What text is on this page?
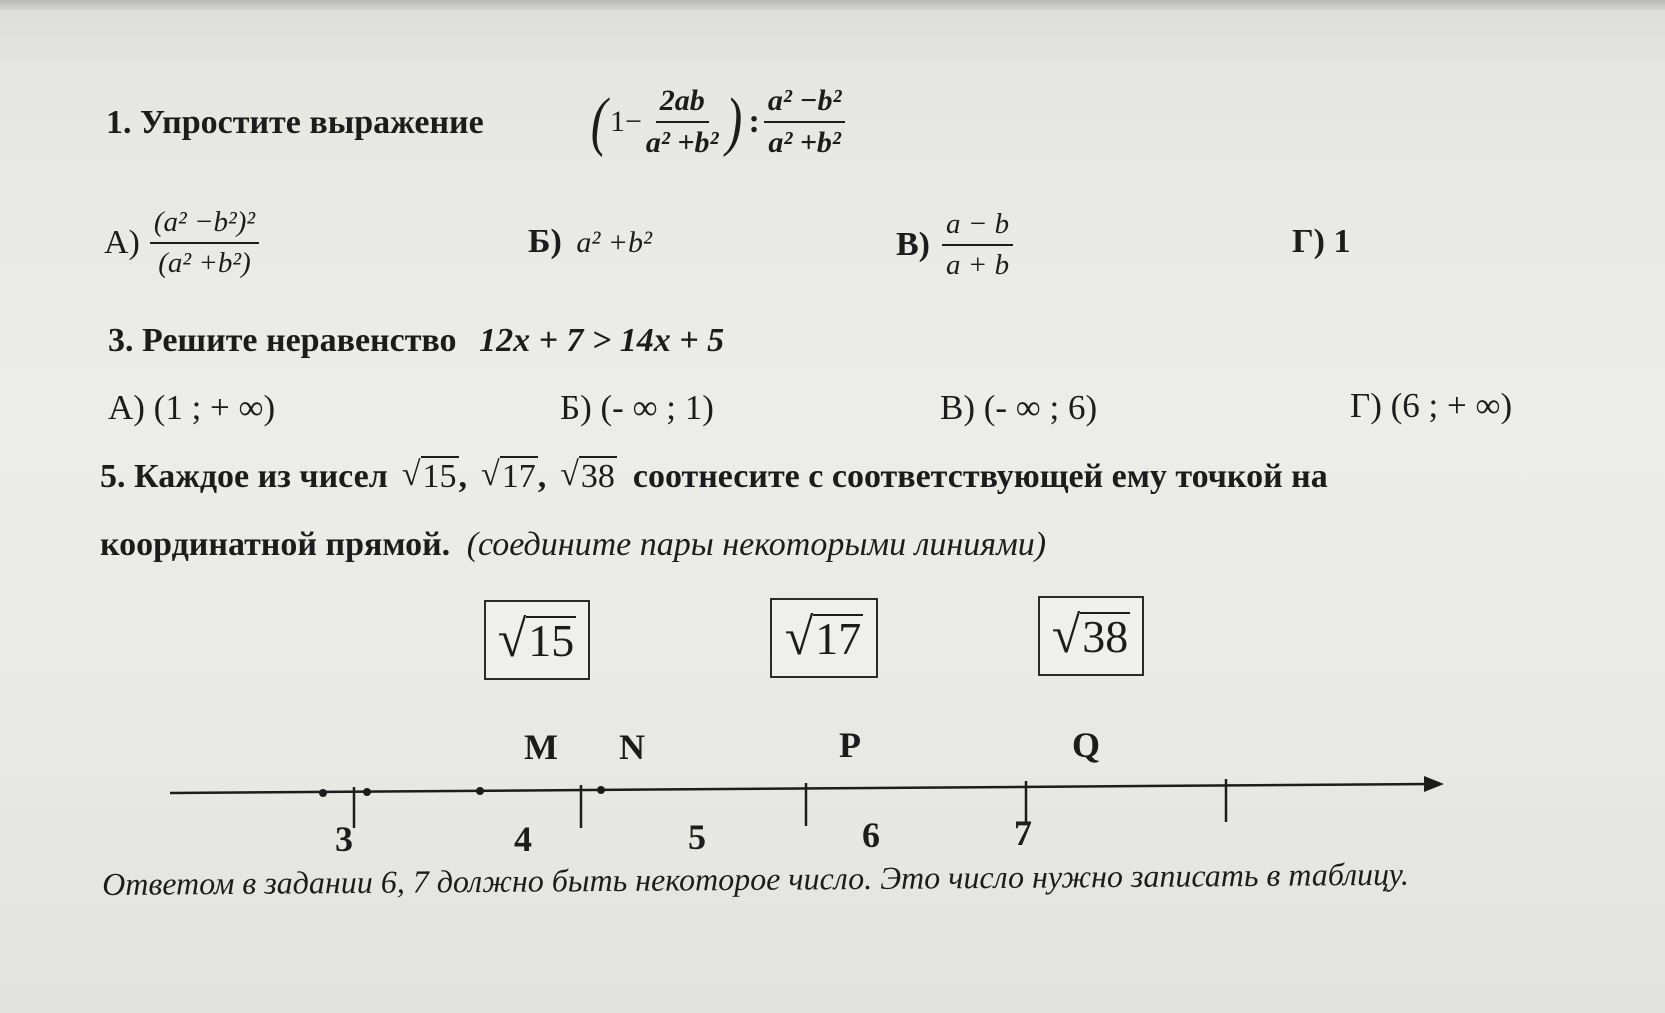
1. Упростите выражение ( $1- \frac{2ab}{\text{a² +b²}}$ ) : $\frac{\text{a² −b²}}{\text{a² +b²}}$
$А) \frac{\text{(a² −b²)²}}{\text{(a² +b²)}}$	Б) a² +b²	$В) \frac{a - b}{a + b}$	Г) 1
3. Решите неравенство 12x + 7 > 14x + 5
А) (1 ; + ∞)	Б) (- ∞ ; 1)	В) (- ∞ ; 6)	Г) (6 ; + ∞)
5. Каждое из чисел √ 15 , √ 17 , √ 38 соотнесите с соответствующей ему точкой на
координатной прямой. (соедините пары некоторыми линиями)
√ 15	√ 17	√ 38
M N	P	Q
3	4	5	6	7
Ответом в задании 6, 7 должно быть некоторое число. Это число нужно записать в таблицу.
